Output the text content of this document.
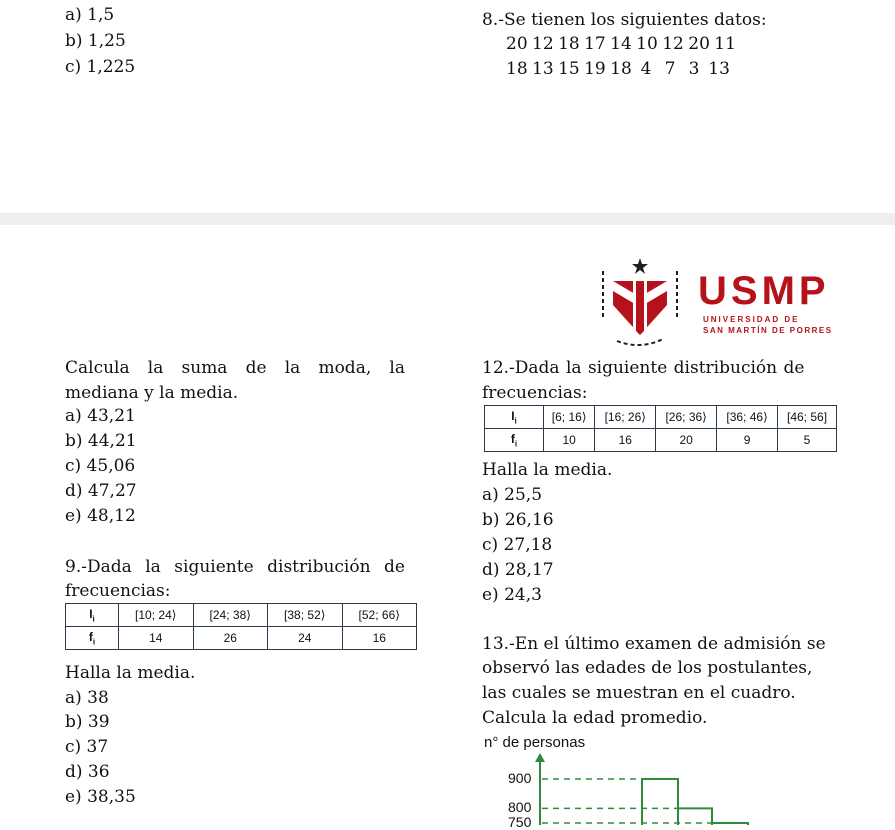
a) 1,5
b) 1,25
c) 1,225
8.-Se tienen los siguientes datos:
20 12 18 17 14 10 12 20 11
18 13 15 19 18  4   7   3  13
USMP
UNIVERSIDAD DE
SAN MARTÍN DE PORRES
Calcula la suma de la moda, la
mediana y la media.
a) 43,21
b) 44,21
c) 45,06
d) 47,27
e) 48,12
9.-Dada la siguiente distribución de
frecuencias:
$I_i$	[10; 24⟩	[24; 38⟩	[38; 52⟩	[52; 66⟩
$f_i$	14	26	24	16
Halla la media.
a) 38
b) 39
c) 37
d) 36
e) 38,35
12.-Dada la siguiente distribución de
frecuencias:
$I_i$	[6; 16⟩	[16; 26⟩	[26; 36⟩	[36; 46⟩	[46; 56]
$f_i$	10	16	20	9	5
Halla la media.
a) 25,5
b) 26,16
c) 27,18
d) 28,17
e) 24,3
13.-En el último examen de admisión se
observó las edades de los postulantes,
las cuales se muestran en el cuadro.
Calcula la edad promedio.
n° de personas
900
800
750
